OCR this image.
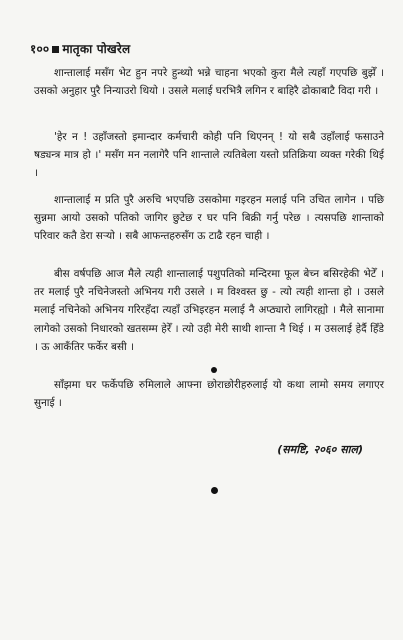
१०० मातृका पोखरेल

शान्तालाई मसँग भेट हुन नपरे हुन्थ्यो भन्ने चाहना भएको कुरा मैले त्यहाँ गएपछि बुझेँ । उसको अनुहार पुरै निन्याउरो थियो । उसले मलाई घरभित्रै लगिन र बाहिरै ढोकाबाटै विदा गरी ।

'हेर न ! उहाँजस्तो इमान्दार कर्मचारी कोही पनि थिएनन् ! यो सबै उहाँलाई फसाउने षड्यन्त्र मात्र हो ।' मसँग मन नलागेरै पनि शान्ताले त्यतिबेला यस्तो प्रतिक्रिया व्यक्त गरेकी थिई ।

शान्तालाई म प्रति पुरै अरुचि भएपछि उसकोमा गइरहन मलाई पनि उचित लागेन । पछि सुन्नमा आयो उसको पतिको जागिर छुटेछ र घर पनि बिक्री गर्नु परेछ । त्यसपछि शान्ताको परिवार कतै डेरा सर्‍यो । सबै आफन्तहरुसँग ऊ टाढै रहन चाही ।

बीस वर्षपछि आज मैले त्यही शान्तालाई पशुपतिको मन्दिरमा फूल बेच्न बसिरहेकी भेटेँ । तर मलाई पुरै नचिनेजस्तो अभिनय गरी उसले । म विश्वस्त छु - त्यो त्यही शान्ता हो । उसले मलाई नचिनेको अभिनय गरिरहँदा त्यहाँ उभिइरहन मलाई नै अप्ठ्यारो लागिरह्यो । मैले सानामा लागेको उसको निधारको खतसम्म हेरेँ । त्यो उही मेरी साथी शान्ता नै थिई । म उसलाई हेर्दै हिँडे । ऊ आकँतिर फर्केर बसी ।

साँझमा घर फर्केपछि रुमिलाले आफ्ना छोराछोरीहरुलाई यो कथा लामो समय लगाएर सुनाई ।

(समष्टि, २०६० साल)
